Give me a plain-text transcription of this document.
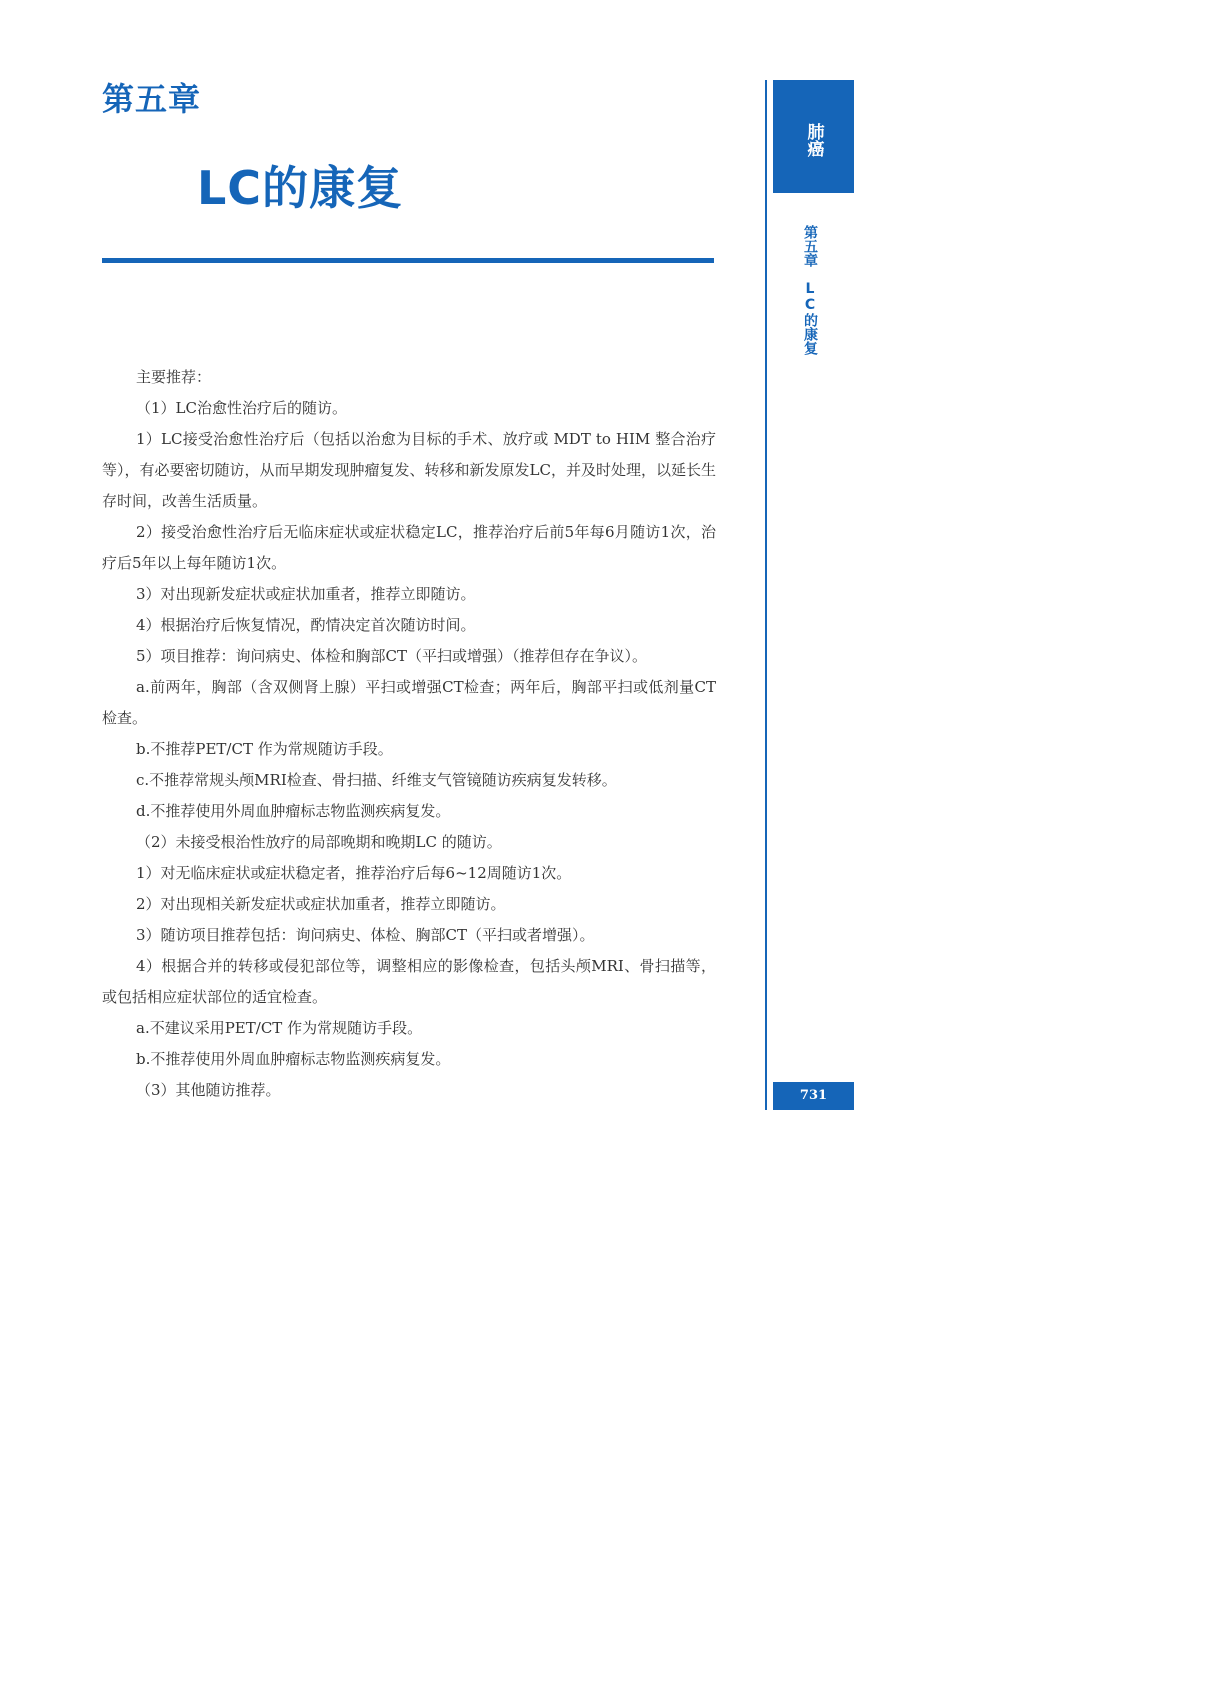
第五章
LC的康复

主要推荐：

（1）LC治愈性治疗后的随访。

1）LC接受治愈性治疗后（包括以治愈为目标的手术、放疗或 MDT to HIM 整合治疗等），有必要密切随访，从而早期发现肿瘤复发、转移和新发原发LC，并及时处理，以延长生存时间，改善生活质量。

2）接受治愈性治疗后无临床症状或症状稳定LC，推荐治疗后前5年每6月随访1次，治疗后5年以上每年随访1次。

3）对出现新发症状或症状加重者，推荐立即随访。

4）根据治疗后恢复情况，酌情决定首次随访时间。

5）项目推荐：询问病史、体检和胸部CT（平扫或增强）（推荐但存在争议）。

a.前两年，胸部（含双侧肾上腺）平扫或增强CT检查；两年后，胸部平扫或低剂量CT检查。

b.不推荐PET/CT 作为常规随访手段。

c.不推荐常规头颅MRI检查、骨扫描、纤维支气管镜随访疾病复发转移。

d.不推荐使用外周血肿瘤标志物监测疾病复发。

（2）未接受根治性放疗的局部晚期和晚期LC 的随访。

1）对无临床症状或症状稳定者，推荐治疗后每6~12周随访1次。

2）对出现相关新发症状或症状加重者，推荐立即随访。

3）随访项目推荐包括：询问病史、体检、胸部CT（平扫或者增强）。

4）根据合并的转移或侵犯部位等，调整相应的影像检查，包括头颅MRI、骨扫描等，或包括相应症状部位的适宜检查。

a.不建议采用PET/CT 作为常规随访手段。

b.不推荐使用外周血肿瘤标志物监测疾病复发。

（3）其他随访推荐。

肺癌
第五章LC的康复
731
